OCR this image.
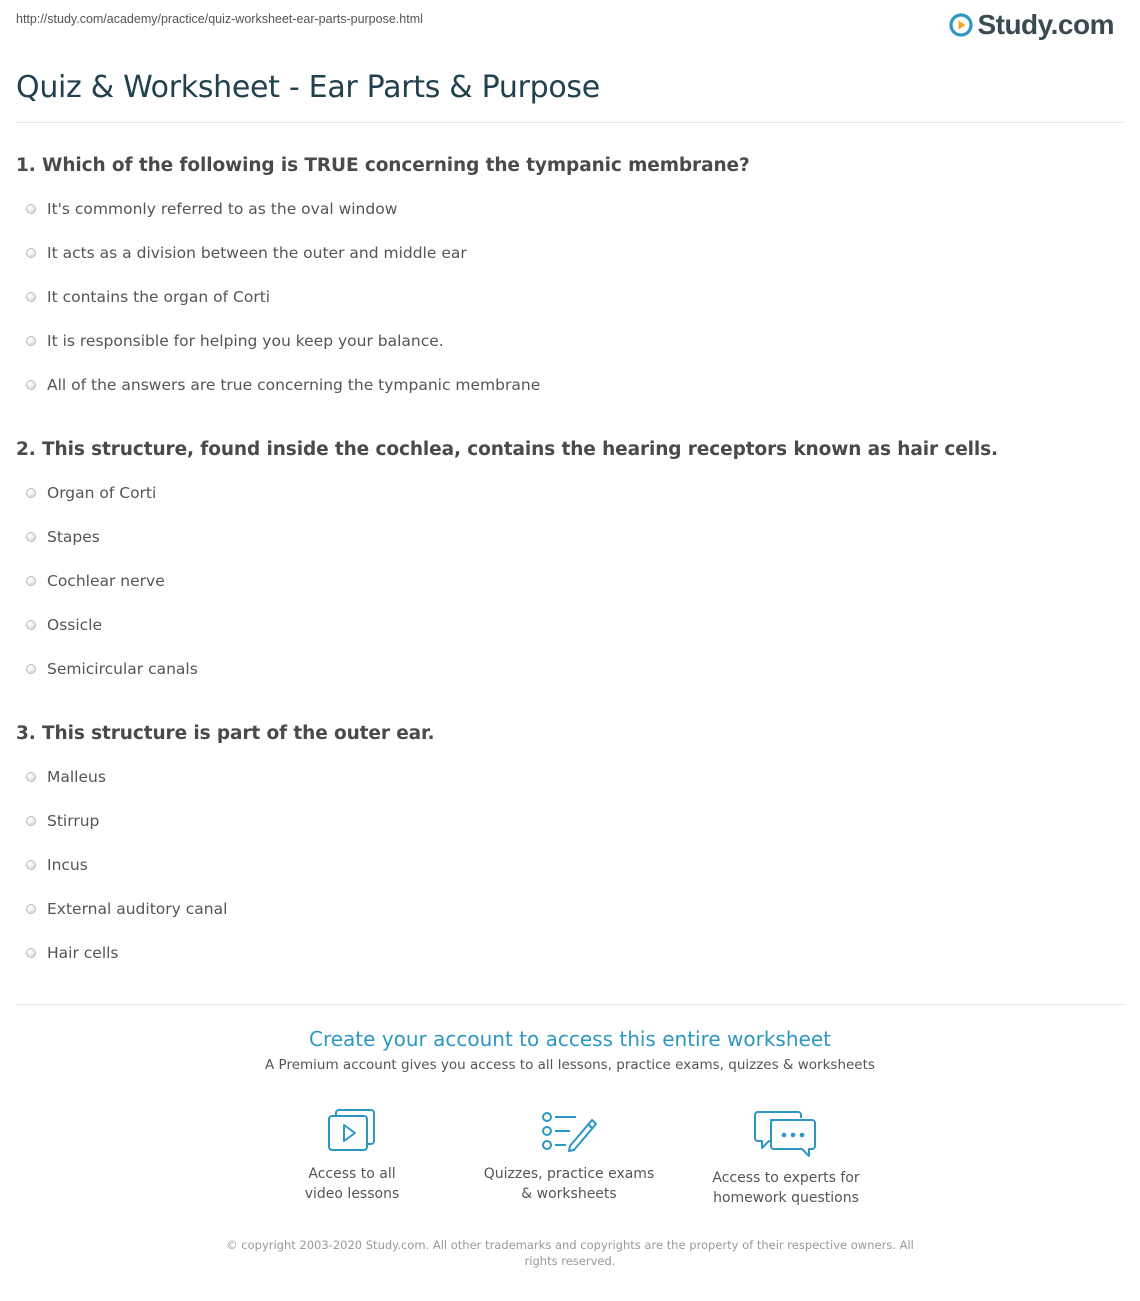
http://study.com/academy/practice/quiz-worksheet-ear-parts-purpose.html	Study.com
Quiz & Worksheet - Ear Parts & Purpose

1. Which of the following is TRUE concerning the tympanic membrane?

It's commonly referred to as the oval window
It acts as a division between the outer and middle ear
It contains the organ of Corti
It is responsible for helping you keep your balance.
All of the answers are true concerning the tympanic membrane

2. This structure, found inside the cochlea, contains the hearing receptors known as hair cells.

Organ of Corti
Stapes
Cochlear nerve
Ossicle
Semicircular canals

3. This structure is part of the outer ear.

Malleus
Stirrup
Incus
External auditory canal
Hair cells
Create your account to access this entire worksheet
A Premium account gives you access to all lessons, practice exams, quizzes & worksheets
Access to all
video lessons
Quizzes, practice exams
& worksheets
Access to experts for
homework questions
© copyright 2003-2020 Study.com. All other trademarks and copyrights are the property of their respective owners. All rights reserved.
